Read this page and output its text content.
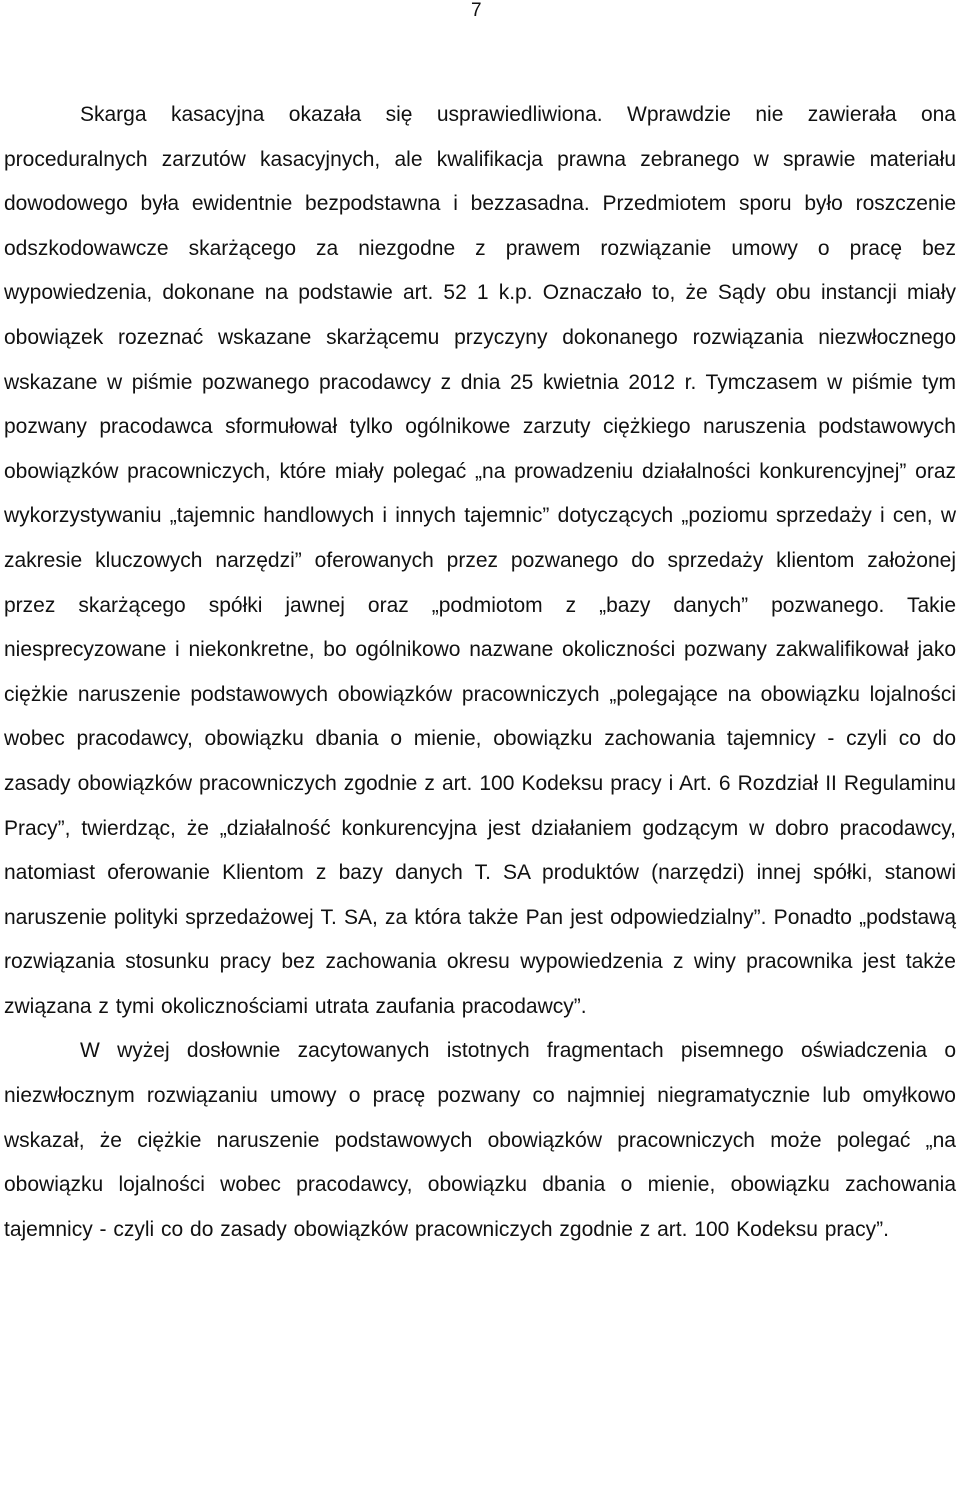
7

Skarga kasacyjna okazała się usprawiedliwiona. Wprawdzie nie zawierała ona proceduralnych zarzutów kasacyjnych, ale kwalifikacja prawna zebranego w sprawie materiału dowodowego była ewidentnie bezpodstawna i bezzasadna. Przedmiotem sporu było roszczenie odszkodowawcze skarżącego za niezgodne z prawem rozwiązanie umowy o pracę bez wypowiedzenia, dokonane na podstawie art. 52 1 k.p. Oznaczało to, że Sądy obu instancji miały obowiązek rozeznać wskazane skarżącemu przyczyny dokonanego rozwiązania niezwłocznego wskazane w piśmie pozwanego pracodawcy z dnia 25 kwietnia 2012 r. Tymczasem w piśmie tym pozwany pracodawca sformułował tylko ogólnikowe zarzuty ciężkiego naruszenia podstawowych obowiązków pracowniczych, które miały polegać „na prowadzeniu działalności konkurencyjnej” oraz wykorzystywaniu „tajemnic handlowych i innych tajemnic” dotyczących „poziomu sprzedaży i cen, w zakresie kluczowych narzędzi” oferowanych przez pozwanego do sprzedaży klientom założonej przez skarżącego spółki jawnej oraz „podmiotom z „bazy danych” pozwanego. Takie niesprecyzowane i niekonkretne, bo ogólnikowo nazwane okoliczności pozwany zakwalifikował jako ciężkie naruszenie podstawowych obowiązków pracowniczych „polegające na obowiązku lojalności wobec pracodawcy, obowiązku dbania o mienie, obowiązku zachowania tajemnicy - czyli co do zasady obowiązków pracowniczych zgodnie z art. 100 Kodeksu pracy i Art. 6 Rozdział II Regulaminu Pracy”, twierdząc, że „działalność konkurencyjna jest działaniem godzącym w dobro pracodawcy, natomiast oferowanie Klientom z bazy danych T. SA produktów (narzędzi) innej spółki, stanowi naruszenie polityki sprzedażowej T. SA, za która także Pan jest odpowiedzialny”. Ponadto „podstawą rozwiązania stosunku pracy bez zachowania okresu wypowiedzenia z winy pracownika jest także związana z tymi okolicznościami utrata zaufania pracodawcy”.

W wyżej dosłownie zacytowanych istotnych fragmentach pisemnego oświadczenia o niezwłocznym rozwiązaniu umowy o pracę pozwany co najmniej niegramatycznie lub omyłkowo wskazał, że ciężkie naruszenie podstawowych obowiązków pracowniczych może polegać „na obowiązku lojalności wobec pracodawcy, obowiązku dbania o mienie, obowiązku zachowania tajemnicy - czyli co do zasady obowiązków pracowniczych zgodnie z art. 100 Kodeksu pracy”.
